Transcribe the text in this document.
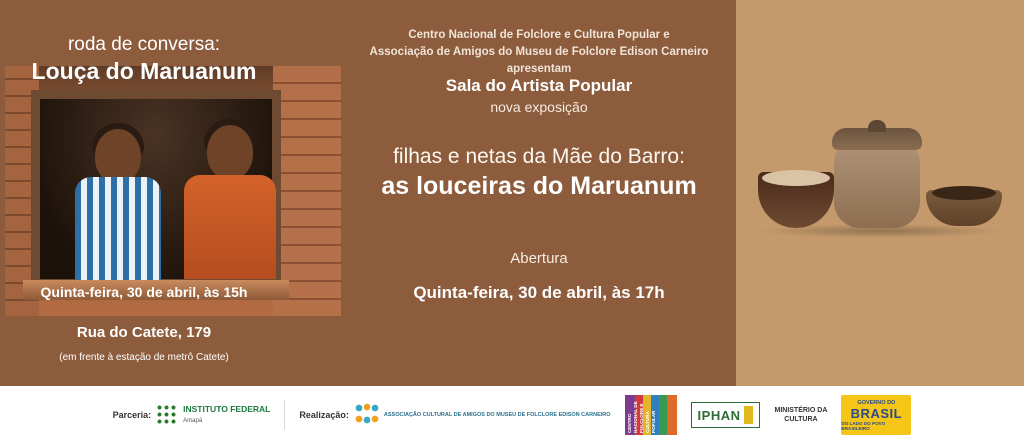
Centro Nacional de Folclore e Cultura Popular e
Associação de Amigos do Museu de Folclore Edison Carneiro apresentam
Sala do Artista Popular
nova exposição
filhas e netas da Mãe do Barro:
as louceiras do Maruanum
Abertura
Quinta-feira, 30 de abril, às 17h
roda de conversa:
Louça do Maruanum
Quinta-feira, 30 de abril, às 15h
Rua do Catete, 179
(em frente à estação de metrô Catete)
Parceria:
INSTITUTO FEDERAL
Amapá
Realização:	ASSOCIAÇÃO CULTURAL DE AMIGOS DO MUSEU DE FOLCLORE EDISON CARNEIRO	CENTRO NACIONAL DE FOLCLORE E CULTURA POPULAR	IPHAN	MINISTÉRIO DA
CULTURA
GOVERNO DO
BRASIL
DO LADO DO POVO BRASILEIRO
